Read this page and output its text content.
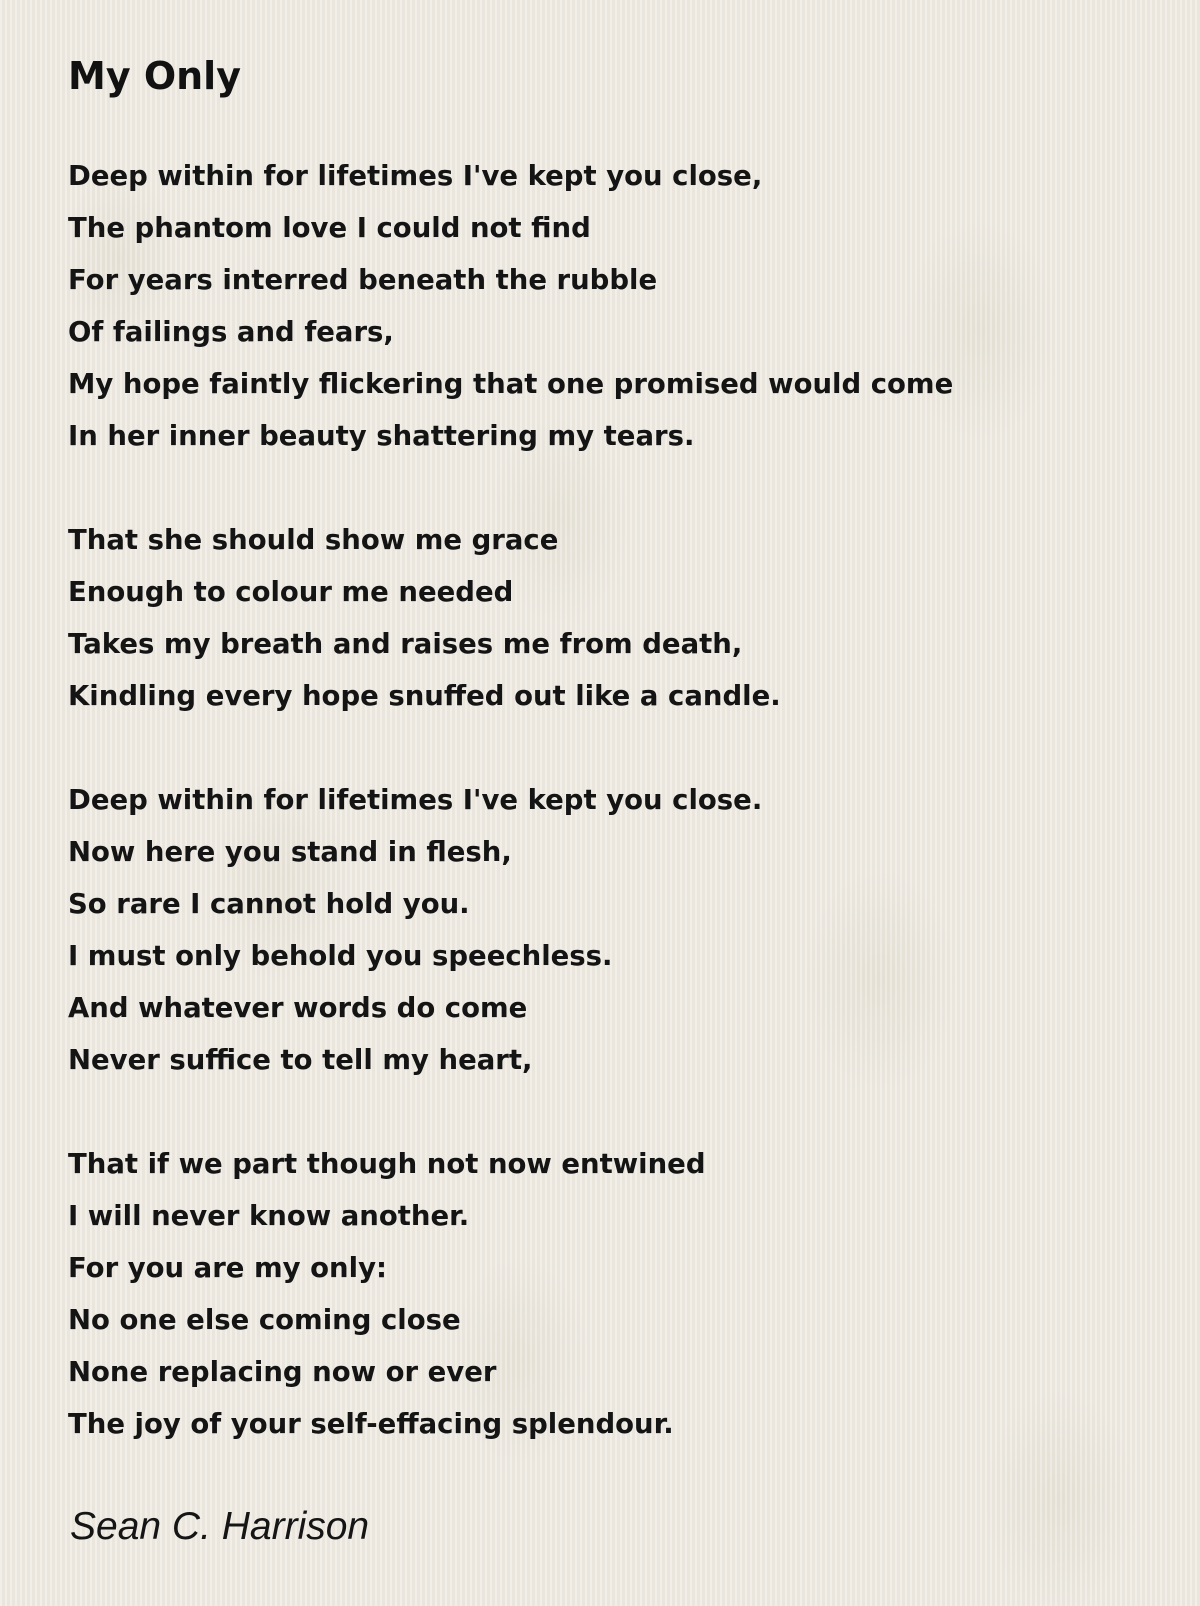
My Only
Deep within for lifetimes I've kept you close,
The phantom love I could not find
For years interred beneath the rubble
Of failings and fears,
My hope faintly flickering that one promised would come
In her inner beauty shattering my tears.
That she should show me grace
Enough to colour me needed
Takes my breath and raises me from death,
Kindling every hope snuffed out like a candle.
Deep within for lifetimes I've kept you close.
Now here you stand in flesh,
So rare I cannot hold you.
I must only behold you speechless.
And whatever words do come
Never suffice to tell my heart,
That if we part though not now entwined
I will never know another.
For you are my only:
No one else coming close
None replacing now or ever
The joy of your self-effacing splendour.

Sean C. Harrison
